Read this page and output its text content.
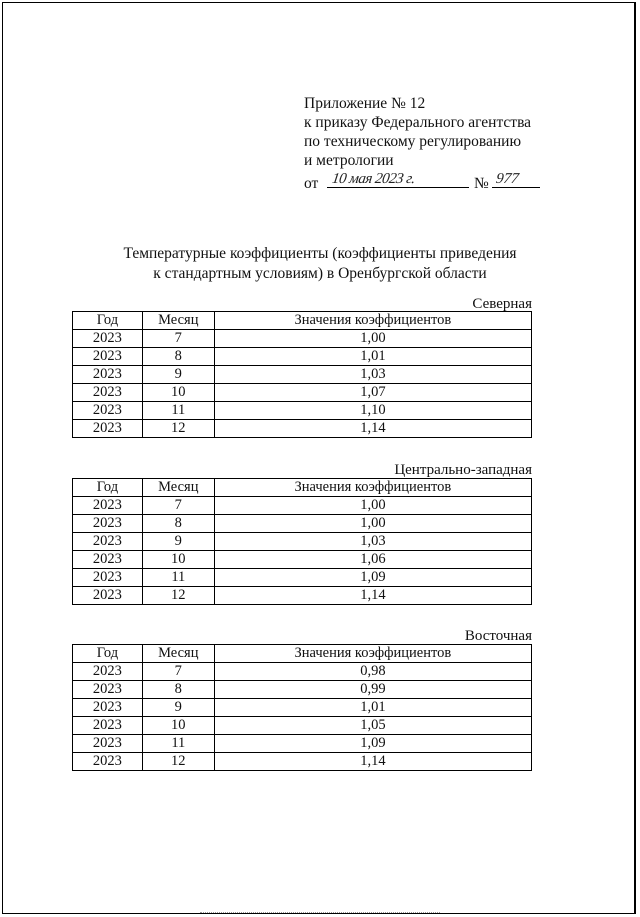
Приложение № 12
к приказу Федерального агентства
по техническому регулированию
и метрологии
от 10 мая 2023 г.	№ 977
Температурные коэффициенты (коэффициенты приведения
к стандартным условиям) в Оренбургской области
Северная
Год	Месяц	Значения коэффициентов
2023	7	1,00
2023	8	1,01
2023	9	1,03
2023	10	1,07
2023	11	1,10
2023	12	1,14
Центрально-западная
Год	Месяц	Значения коэффициентов
2023	7	1,00
2023	8	1,00
2023	9	1,03
2023	10	1,06
2023	11	1,09
2023	12	1,14
Восточная
Год	Месяц	Значения коэффициентов
2023	7	0,98
2023	8	0,99
2023	9	1,01
2023	10	1,05
2023	11	1,09
2023	12	1,14
